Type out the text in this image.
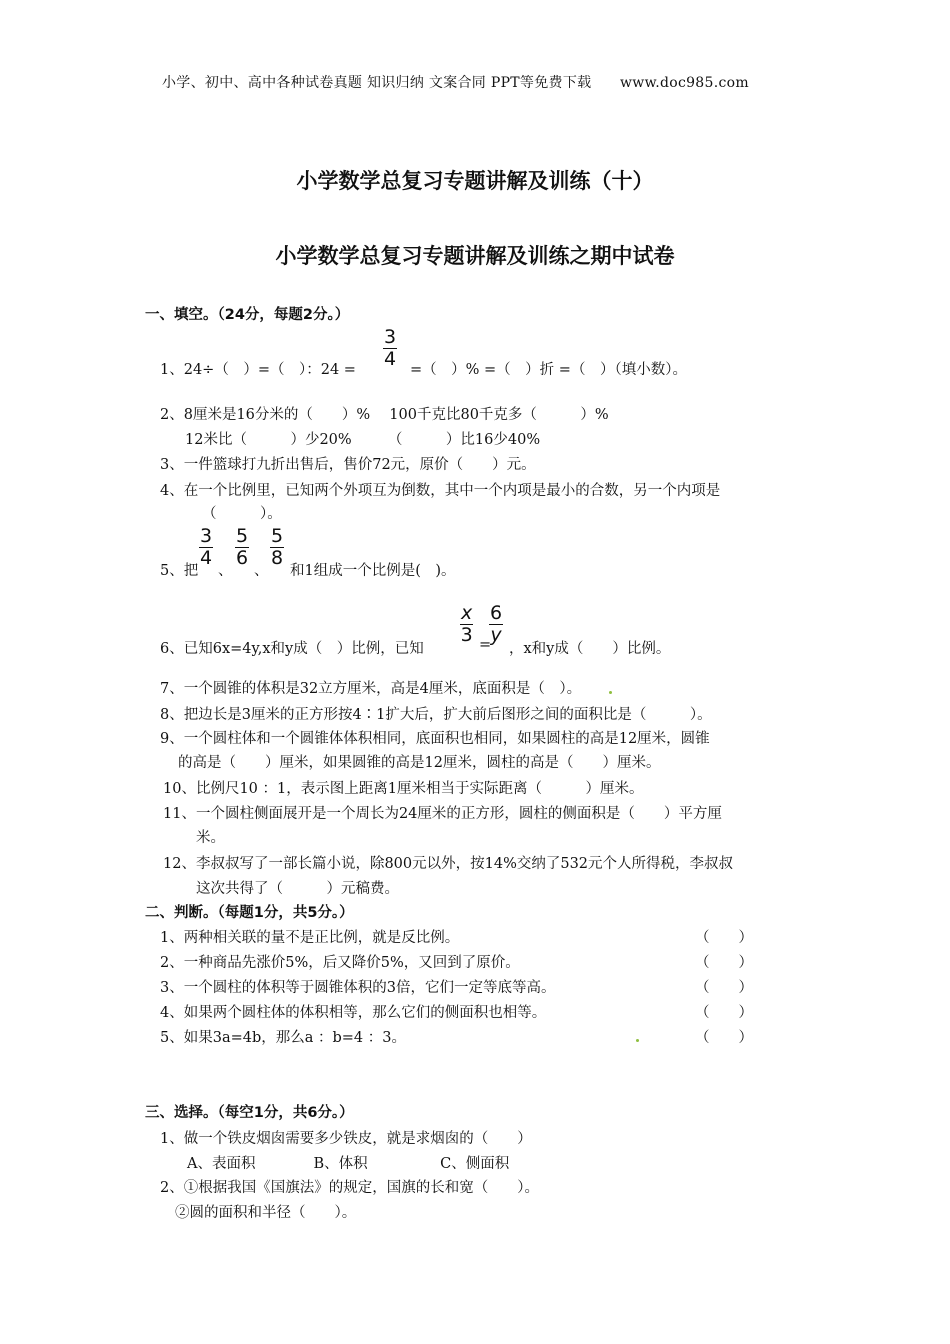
小学、初中、高中各种试卷真题 知识归纳 文案合同 PPT等免费下载　　www.doc985.com
小学数学总复习专题讲解及训练（十）
小学数学总复习专题讲解及训练之期中试卷
一、填空。（24分，每题2分。）
1、24÷（　）=（　）：$24 = \frac{3}{4}$ =（　）% =（　）折 =（　）（填小数）。
2、8厘米是16分米的（　　）%　 100千克比80千克多（　　　）%
12米比（　　　）少20%　　　（　　　）比16少40%
3、一件篮球打九折出售后，售价72元，原价（　　）元。
4、在一个比例里，已知两个外项互为倒数，其中一个内项是最小的合数，另一个内项是
（　　　）。
5、把
$\frac{3}{4}$
、
$\frac{5}{6}$
、
$\frac{5}{8}$
和1组成一个比例是(　)。
6、已知6x=4y,x和y成（　）比例，已知
$\frac{x}{3}$ =
$\frac{6}{y}$
，x和y成（　　）比例。
7、一个圆锥的体积是32立方厘米，高是4厘米，底面积是（　）。
8、把边长是3厘米的正方形按4∶1扩大后，扩大前后图形之间的面积比是（　　　）。
9、一个圆柱体和一个圆锥体体积相同，底面积也相同，如果圆柱的高是12厘米，圆锥
的高是（　　）厘米，如果圆锥的高是12厘米，圆柱的高是（　　）厘米。
10、比例尺10 ：1，表示图上距离1厘米相当于实际距离（　　　）厘米。
11、一个圆柱侧面展开是一个周长为24厘米的正方形，圆柱的侧面积是（　　）平方厘
米。
12、李叔叔写了一部长篇小说，除800元以外，按14%交纳了532元个人所得税，李叔叔
这次共得了（　　　）元稿费。
二、判断。（每题1分，共5分。）
1、两种相关联的量不是正比例，就是反比例。	（　　）
2、一种商品先涨价5%，后又降价5%，又回到了原价。	（　　）
3、一个圆柱的体积等于圆锥体积的3倍，它们一定等底等高。	（　　）
4、如果两个圆柱体的体积相等，那么它们的侧面积也相等。	（　　）
5、如果3a=4b，那么a ：b=4 ：3。	（　　）
三、选择。（每空1分，共6分。）
1、做一个铁皮烟囱需要多少铁皮，就是求烟囱的（　　）
A、表面积　　　　B、体积　　　　　C、侧面积
2、①根据我国《国旗法》的规定，国旗的长和宽（　　）。
②圆的面积和半径（　　）。
